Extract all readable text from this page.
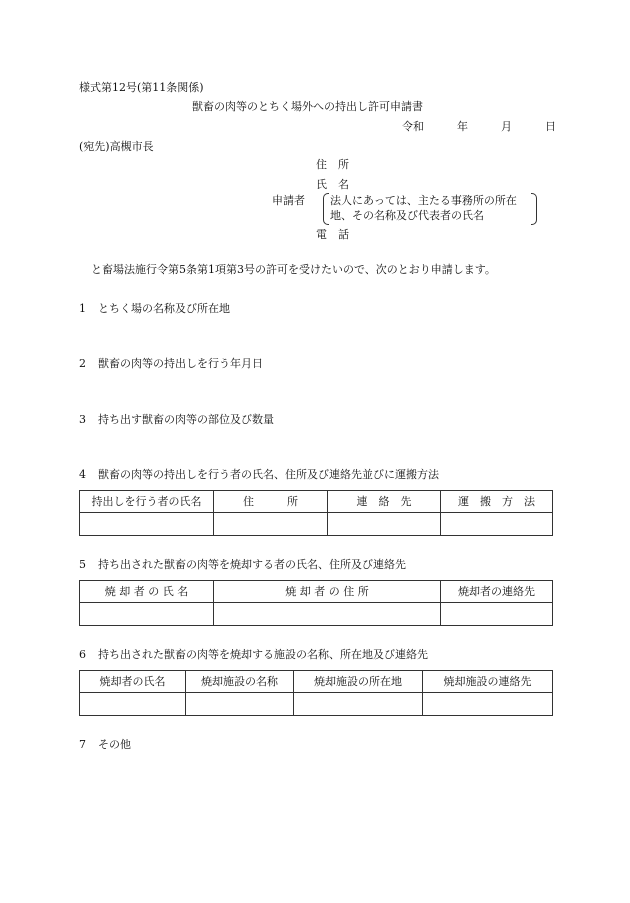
様式第12号(第11条関係)
獣畜の肉等のとちく場外への持出し許可申請書
令和	年	月	日
(宛先)高槻市長
住　所
氏　名
申請者 法人にあっては、主たる事務所の所在
地、その名称及び代表者の氏名
電　話
と畜場法施行令第5条第1項第3号の許可を受けたいので、次のとおり申請します。
1 とちく場の名称及び所在地
2 獣畜の肉等の持出しを行う年月日
3 持ち出す獣畜の肉等の部位及び数量
4 獣畜の肉等の持出しを行う者の氏名、住所及び連絡先並びに運搬方法
持出しを行う者の氏名	住　　　所	連　絡　先	運　搬　方　法

5 持ち出された獣畜の肉等を焼却する者の氏名、住所及び連絡先
焼 却 者 の 氏 名	焼 却 者 の 住 所	焼却者の連絡先

6 持ち出された獣畜の肉等を焼却する施設の名称、所在地及び連絡先
焼却者の氏名	焼却施設の名称	焼却施設の所在地	焼却施設の連絡先

7 その他
